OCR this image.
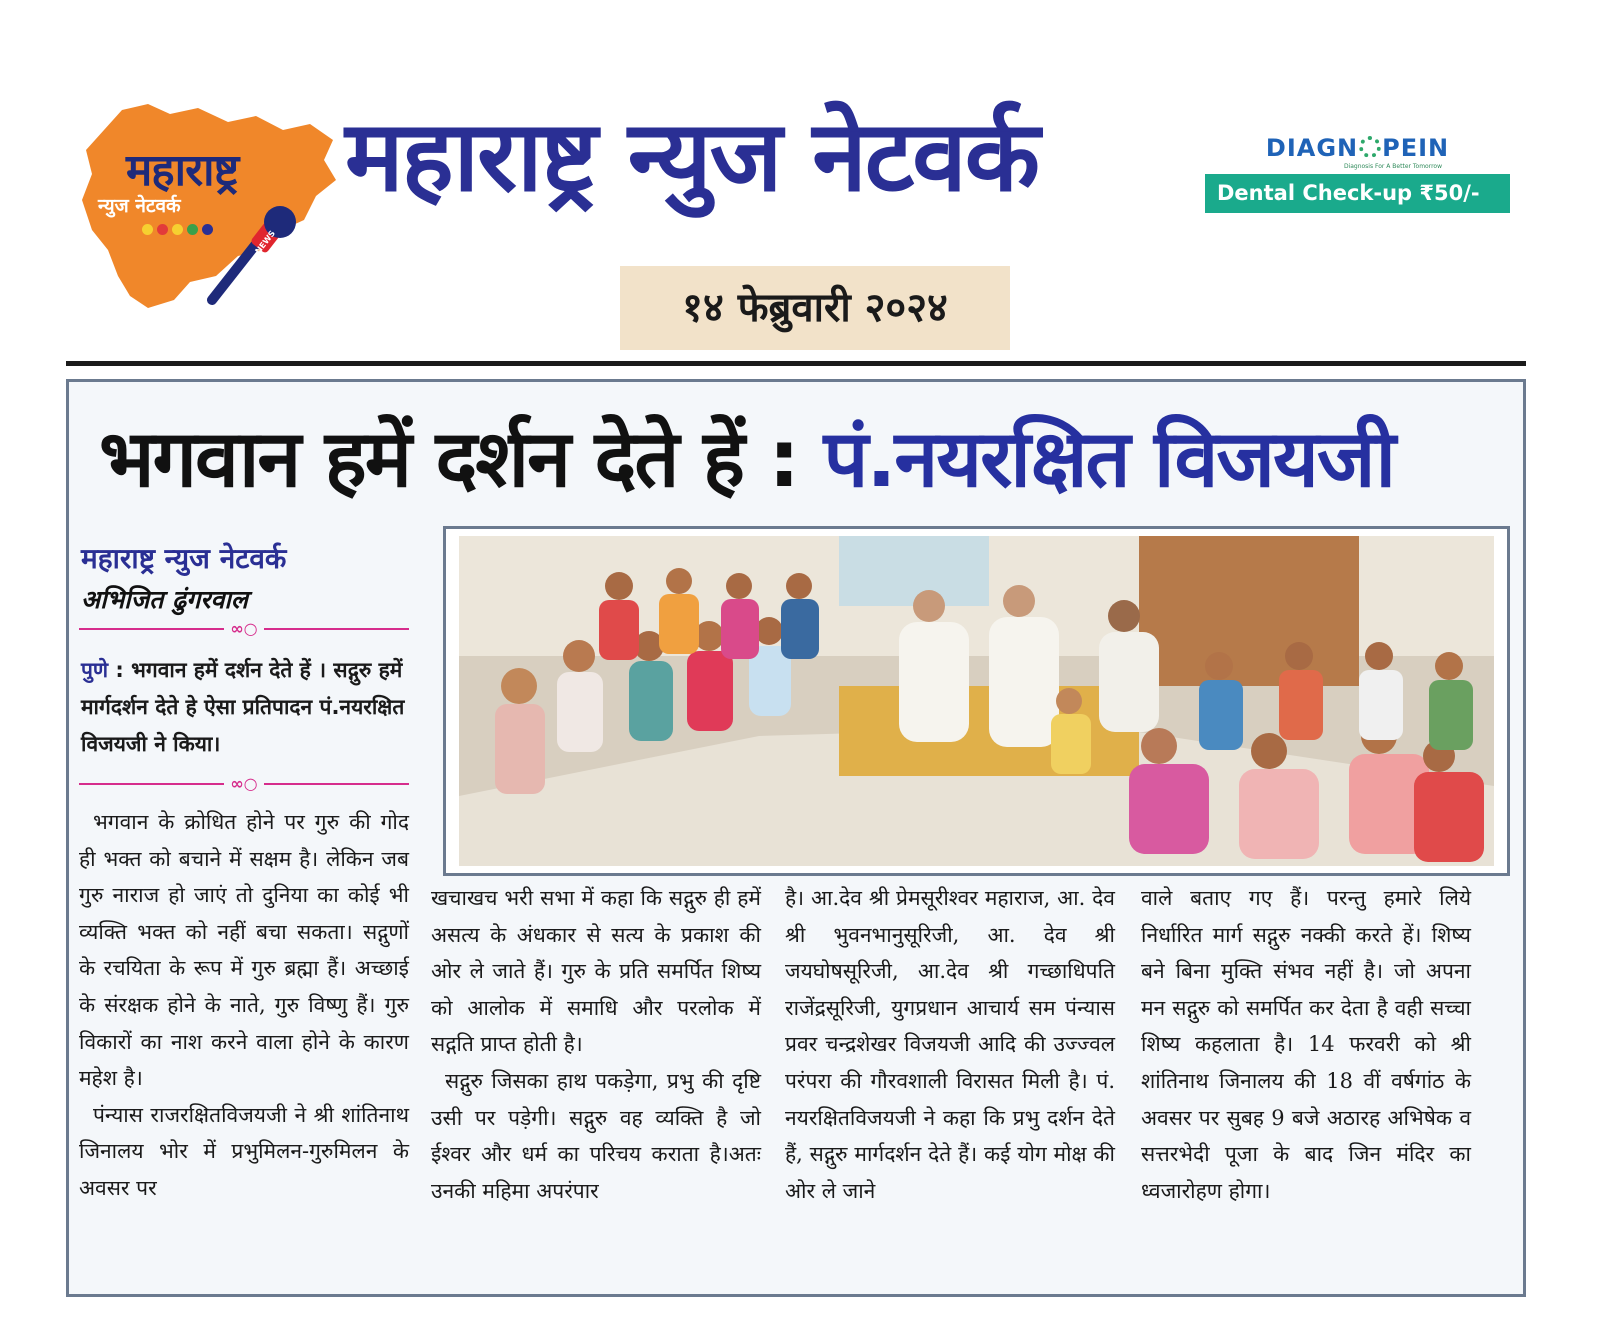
महाराष्ट्र
न्युज नेटवर्क
NEWS
महाराष्ट्र न्युज नेटवर्क	DIAGN PEIN
Diagnosis For A Better Tomorrow
Dental Check-up ₹50/-
१४ फेब्रुवारी २०२४
भगवान हमें दर्शन देते हें : पं.नयरक्षित विजयजी
महाराष्ट्र न्युज नेटवर्क
अभिजित ढुंगरवाल
∞○
पुणे : भगवान हमें दर्शन देते हें । सद्गुरु हमें मार्गदर्शन देते हे ऐसा प्रतिपादन पं.नयरक्षित विजयजी ने किया।
∞○

भगवान के क्रोधित होने पर गुरु की गोद ही भक्त को बचाने में सक्षम है। लेकिन जब गुरु नाराज हो जाएं तो दुनिया का कोई भी व्यक्ति भक्त को नहीं बचा सकता। सद्गुणों के रचयिता के रूप में गुरु ब्रह्मा हैं। अच्छाई के संरक्षक होने के नाते, गुरु विष्णु हैं। गुरु विकारों का नाश करने वाला होने के कारण महेश है।

पंन्यास राजरक्षितविजयजी ने श्री शांतिनाथ जिनालय भोर में प्रभुमिलन-गुरुमिलन के अवसर पर

खचाखच भरी सभा में कहा कि सद्गुरु ही हमें असत्य के अंधकार से सत्य के प्रकाश की ओर ले जाते हैं। गुरु के प्रति समर्पित शिष्य को आलोक में समाधि और परलोक में सद्गति प्राप्त होती है।

सद्गुरु जिसका हाथ पकड़ेगा, प्रभु की दृष्टि उसी पर पड़ेगी। सद्गुरु वह व्यक्ति है जो ईश्वर और धर्म का परिचय कराता है।अतः उनकी महिमा अपरंपार

है। आ.देव श्री प्रेमसूरीश्वर महाराज, आ. देव श्री भुवनभानुसूरिजी, आ. देव श्री जयघोषसूरिजी, आ.देव श्री गच्छाधिपति राजेंद्रसूरिजी, युगप्रधान आचार्य सम पंन्यास प्रवर चन्द्रशेखर विजयजी आदि की उज्ज्वल परंपरा की गौरवशाली विरासत मिली है। पं. नयरक्षितविजयजी ने कहा कि प्रभु दर्शन देते हैं, सद्गुरु मार्गदर्शन देते हैं। कई योग मोक्ष की ओर ले जाने

वाले बताए गए हैं। परन्तु हमारे लिये निर्धारित मार्ग सद्गुरु नक्की करते हें। शिष्य बने बिना मुक्ति संभव नहीं है। जो अपना मन सद्गुरु को समर्पित कर देता है वही सच्चा शिष्य कहलाता है। 14 फरवरी को श्री शांतिनाथ जिनालय की 18 वीं वर्षगांठ के अवसर पर सुबह 9 बजे अठारह अभिषेक व सत्तरभेदी पूजा के बाद जिन मंदिर का ध्वजारोहण होगा।
